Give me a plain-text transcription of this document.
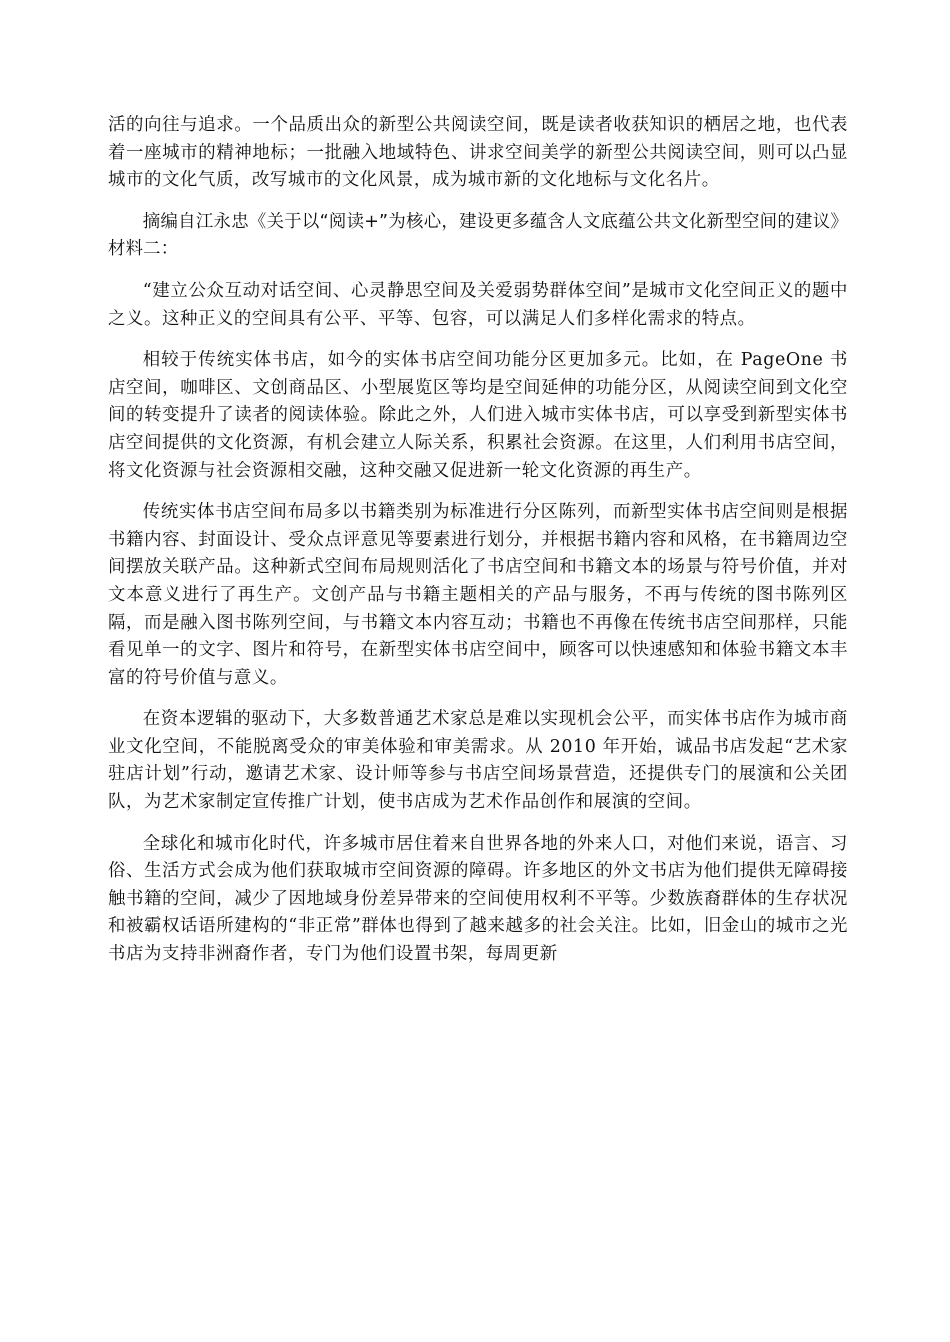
活的向往与追求。一个品质出众的新型公共阅读空间，既是读者收获知识的栖居之地，也代表着一座城市的精神地标；一批融入地域特色、讲求空间美学的新型公共阅读空间，则可以凸显城市的文化气质，改写城市的文化风景，成为城市新的文化地标与文化名片。

摘编自江永忠《关于以“阅读+”为核心，建设更多蕴含人文底蕴公共文化新型空间的建议》材料二：

“建立公众互动对话空间、心灵静思空间及关爱弱势群体空间”是城市文化空间正义的题中之义。这种正义的空间具有公平、平等、包容，可以满足人们多样化需求的特点。

相较于传统实体书店，如今的实体书店空间功能分区更加多元。比如，在 PageOne 书店空间，咖啡区、文创商品区、小型展览区等均是空间延伸的功能分区，从阅读空间到文化空间的转变提升了读者的阅读体验。除此之外，人们进入城市实体书店，可以享受到新型实体书店空间提供的文化资源，有机会建立人际关系，积累社会资源。在这里，人们利用书店空间，将文化资源与社会资源相交融，这种交融又促进新一轮文化资源的再生产。

传统实体书店空间布局多以书籍类别为标准进行分区陈列，而新型实体书店空间则是根据书籍内容、封面设计、受众点评意见等要素进行划分，并根据书籍内容和风格，在书籍周边空间摆放关联产品。这种新式空间布局规则活化了书店空间和书籍文本的场景与符号价值，并对文本意义进行了再生产。文创产品与书籍主题相关的产品与服务，不再与传统的图书陈列区隔，而是融入图书陈列空间，与书籍文本内容互动；书籍也不再像在传统书店空间那样，只能看见单一的文字、图片和符号，在新型实体书店空间中，顾客可以快速感知和体验书籍文本丰富的符号价值与意义。

在资本逻辑的驱动下，大多数普通艺术家总是难以实现机会公平，而实体书店作为城市商业文化空间，不能脱离受众的审美体验和审美需求。从 2010 年开始，诚品书店发起“艺术家驻店计划”行动，邀请艺术家、设计师等参与书店空间场景营造，还提供专门的展演和公关团队，为艺术家制定宣传推广计划，使书店成为艺术作品创作和展演的空间。

全球化和城市化时代，许多城市居住着来自世界各地的外来人口，对他们来说，语言、习俗、生活方式会成为他们获取城市空间资源的障碍。许多地区的外文书店为他们提供无障碍接触书籍的空间，减少了因地域身份差异带来的空间使用权利不平等。少数族裔群体的生存状况和被霸权话语所建构的“非正常”群体也得到了越来越多的社会关注。比如，旧金山的城市之光书店为支持非洲裔作者，专门为他们设置书架，每周更新
